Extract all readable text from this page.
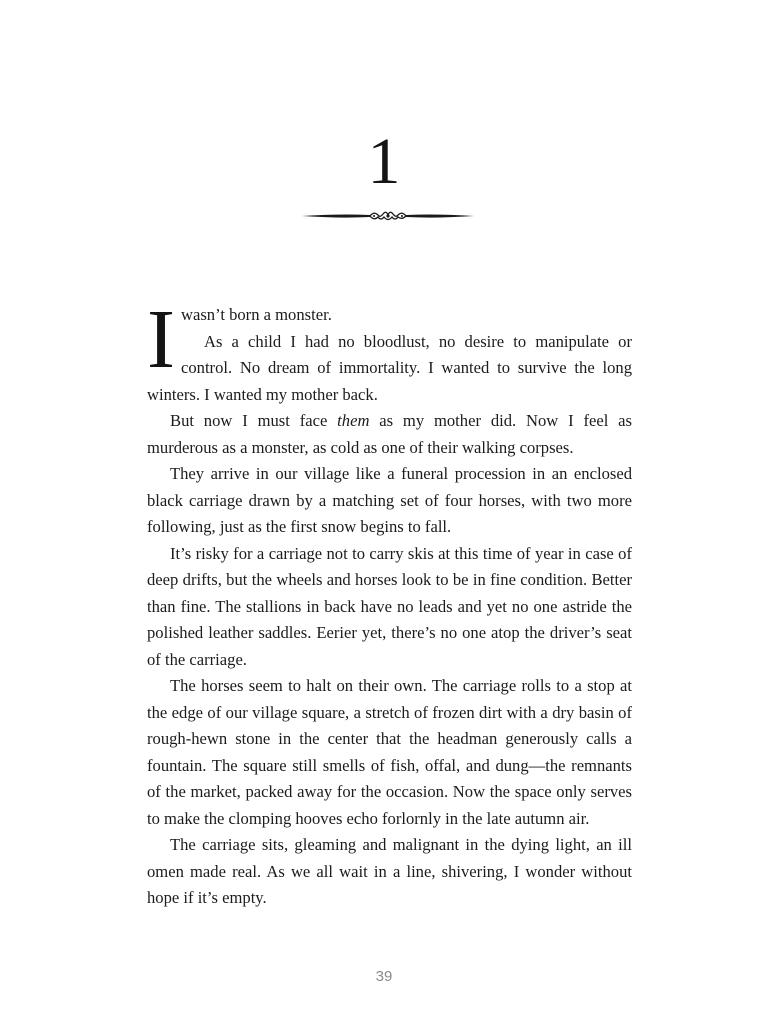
1

Iwasn’t born a monster.

As a child I had no bloodlust, no desire to manipulate or control. No dream of immortality. I wanted to survive the long winters. I wanted my mother back.

But now I must face them as my mother did. Now I feel as murderous as a monster, as cold as one of their walking corpses.

They arrive in our village like a funeral procession in an enclosed black carriage drawn by a matching set of four horses, with two more following, just as the first snow begins to fall.

It’s risky for a carriage not to carry skis at this time of year in case of deep drifts, but the wheels and horses look to be in fine condition. Better than fine. The stallions in back have no leads and yet no one astride the polished leather saddles. Eerier yet, there’s no one atop the driver’s seat of the carriage.

The horses seem to halt on their own. The carriage rolls to a stop at the edge of our village square, a stretch of frozen dirt with a dry basin of rough-hewn stone in the center that the headman generously calls a fountain. The square still smells of fish, offal, and dung—the remnants of the market, packed away for the occasion. Now the space only serves to make the clomping hooves echo forlornly in the late autumn air.

The carriage sits, gleaming and malignant in the dying light, an ill omen made real. As we all wait in a line, shivering, I wonder without hope if it’s empty.

39
